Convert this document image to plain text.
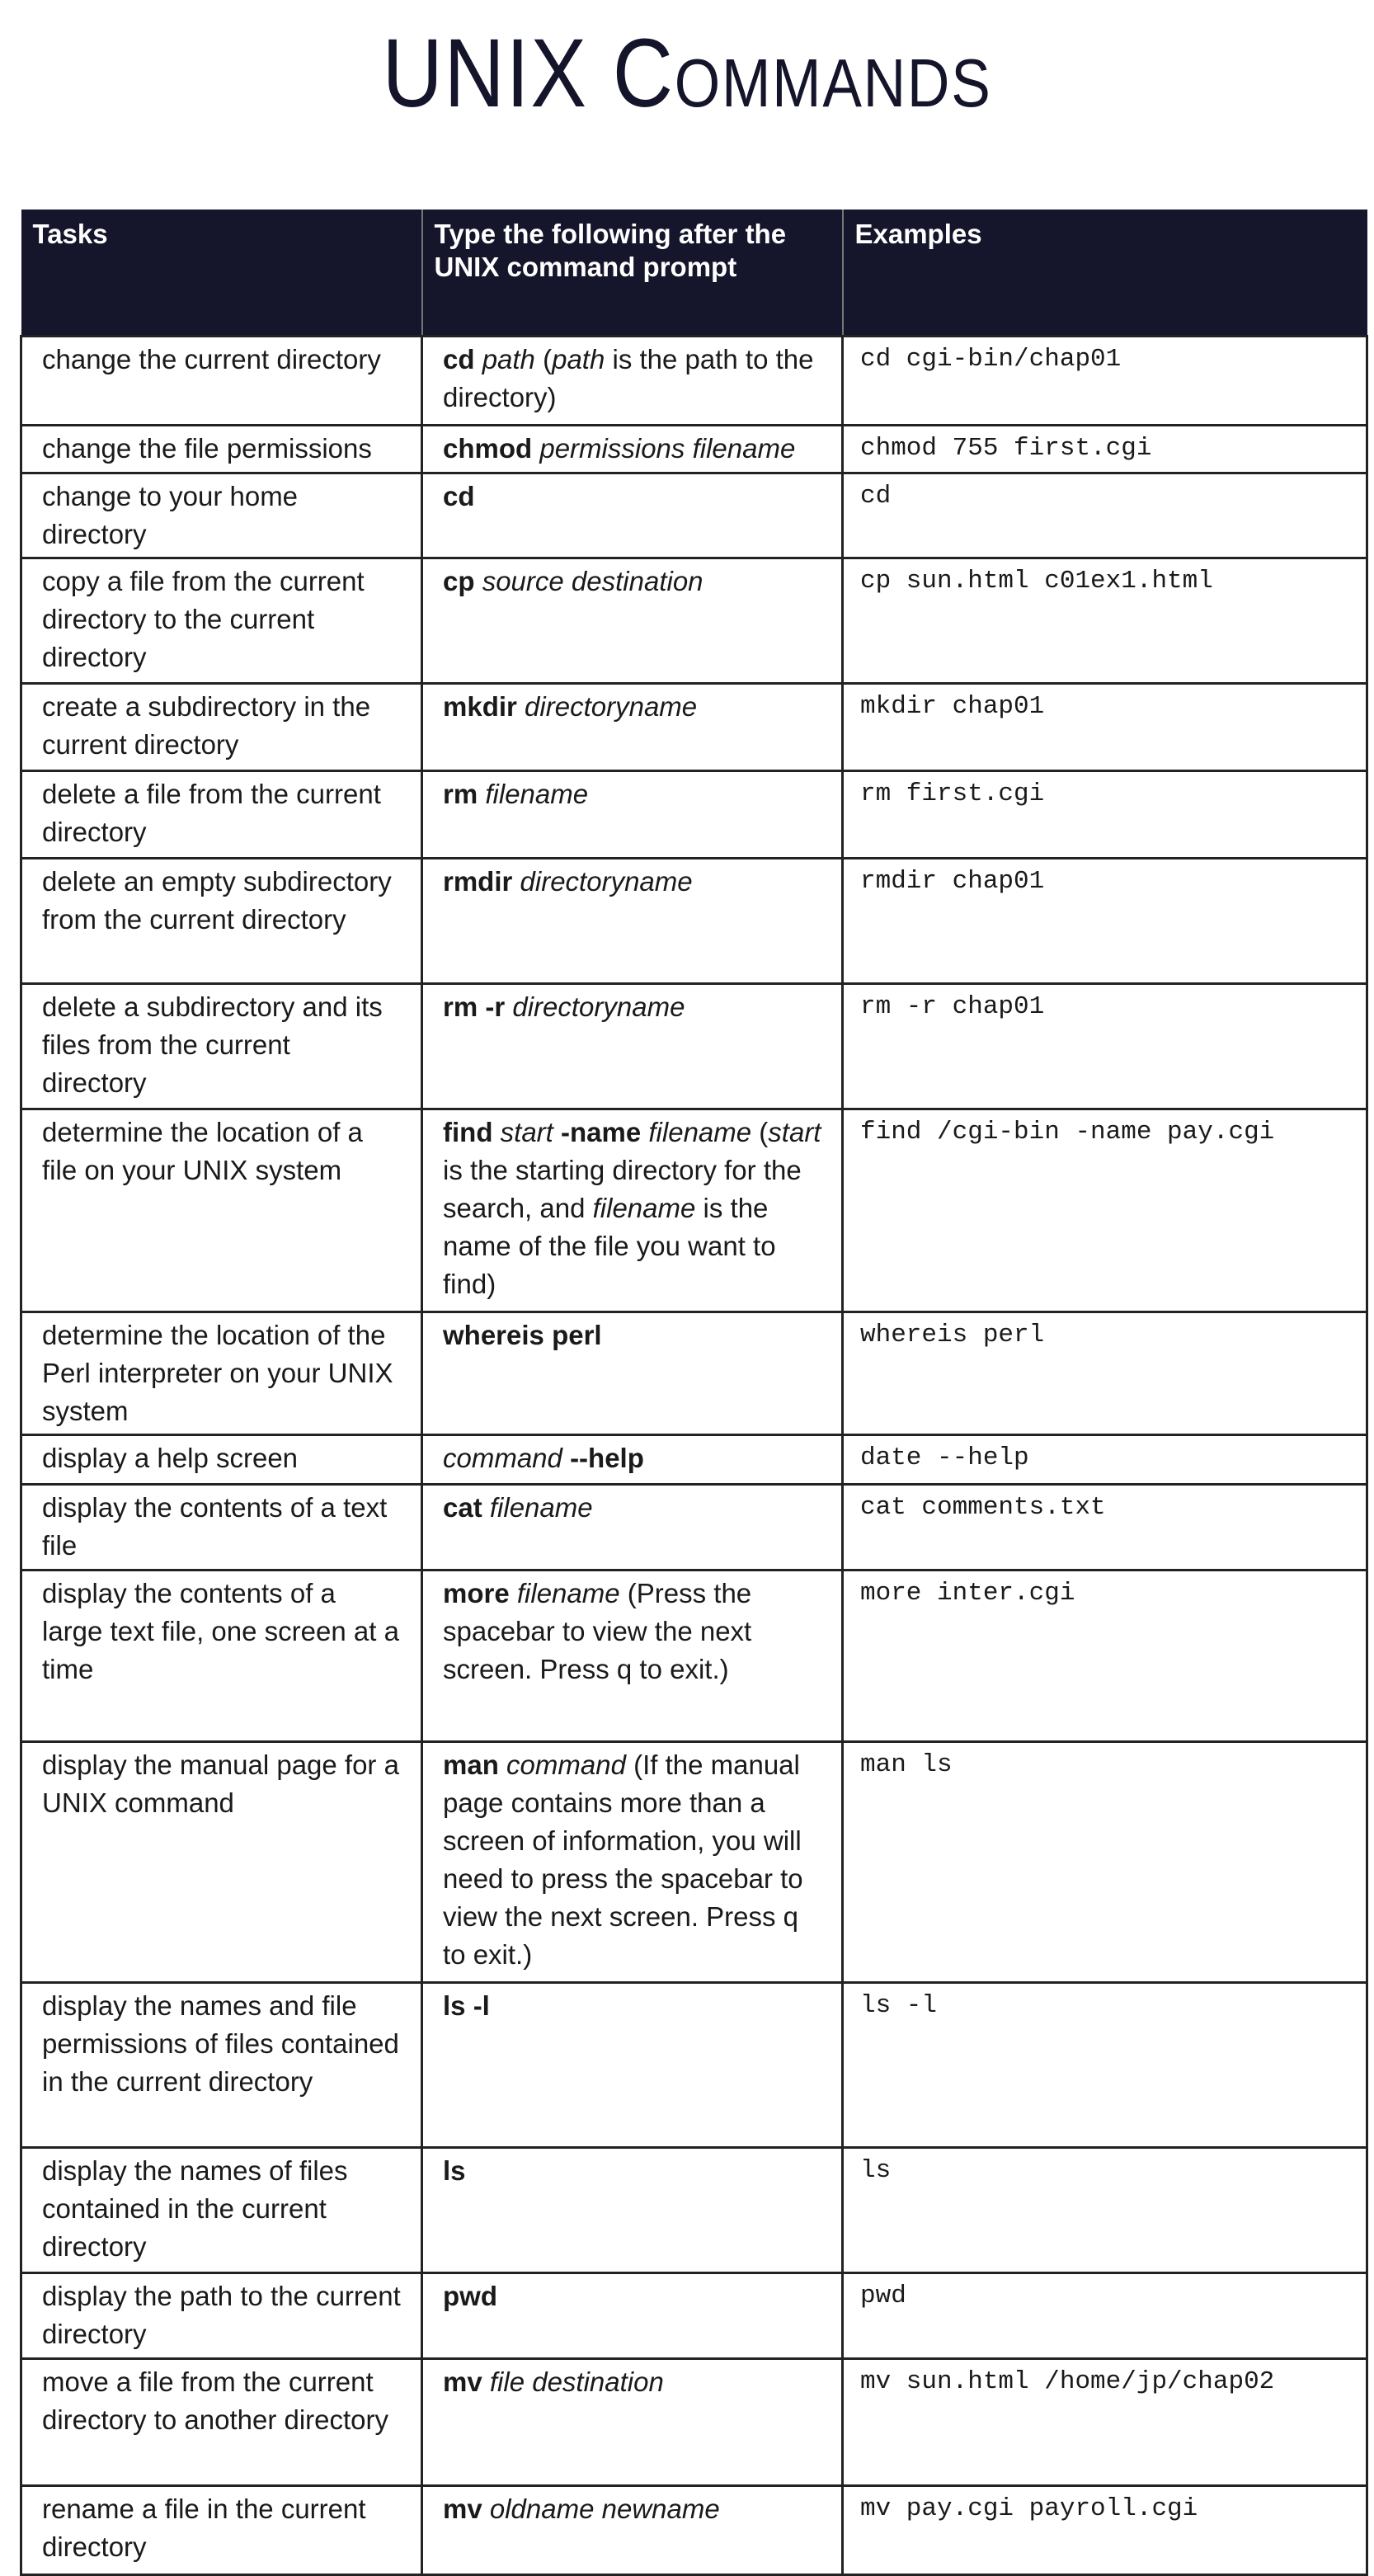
UNIX Commands
Tasks	Type the following after the UNIX command prompt	Examples
change the current directory	cd path (path is the path to the directory)	cd cgi-bin/chap01
change the file permissions	chmod permissions filename	chmod 755 first.cgi
change to your home directory	cd	cd
copy a file from the current directory to the current directory	cp source destination	cp sun.html c01ex1.html
create a subdirectory in the current directory	mkdir directoryname	mkdir chap01
delete a file from the current directory	rm filename	rm first.cgi
delete an empty subdirectory from the current directory	rmdir directoryname	rmdir chap01
delete a subdirectory and its files from the current directory	rm -r directoryname	rm -r chap01
determine the location of a file on your UNIX system	find start -name filename (start is the starting directory for the search, and filename is the name of the file you want to find)	find /cgi-bin -name pay.cgi
determine the location of the Perl interpreter on your UNIX system	whereis perl	whereis perl
display a help screen	command --help	date --help
display the contents of a text file	cat filename	cat comments.txt
display the contents of a large text file, one screen at a time	more filename (Press the spacebar to view the next screen. Press q to exit.)	more inter.cgi
display the manual page for a UNIX command	man command (If the manual page contains more than a screen of information, you will need to press the spacebar to view the next screen. Press q to exit.)	man ls
display the names and file permissions of files contained in the current directory	ls -l	ls -l
display the names of files contained in the current directory	ls	ls
display the path to the current directory	pwd	pwd
move a file from the current directory to another directory	mv file destination	mv sun.html /home/jp/chap02
rename a file in the current directory	mv oldname newname	mv pay.cgi payroll.cgi
